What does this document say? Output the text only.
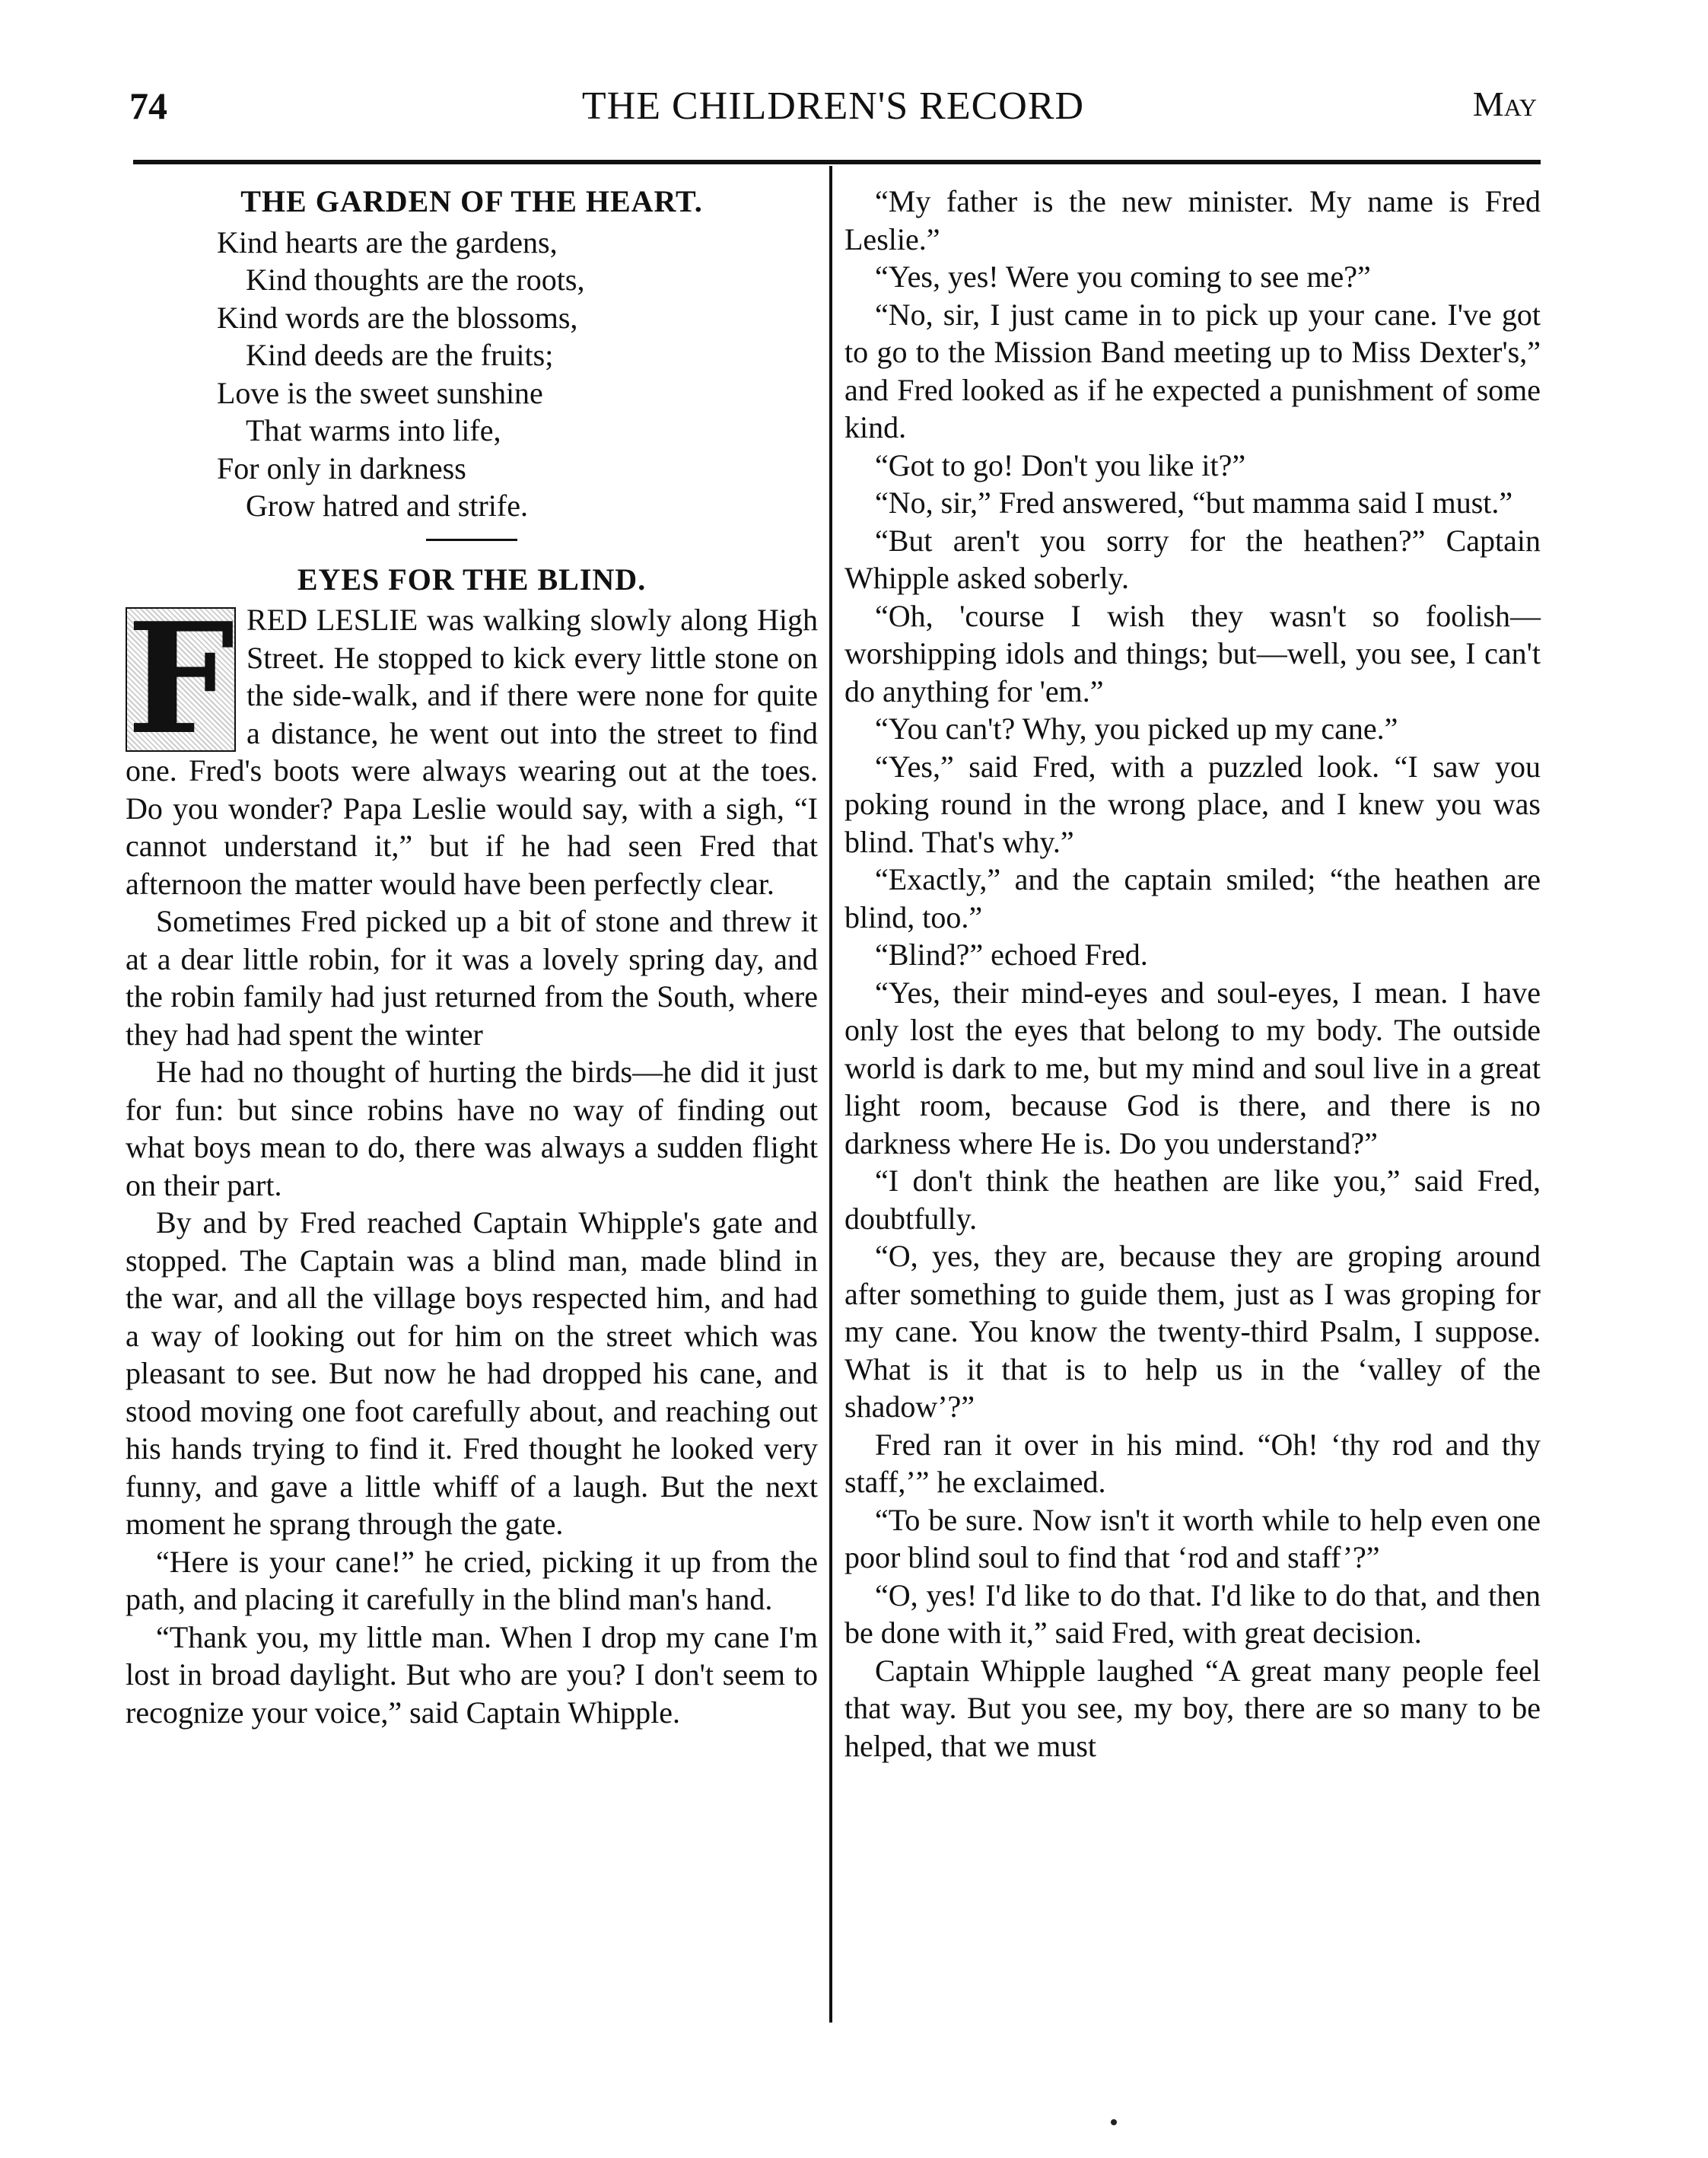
74	THE CHILDREN'S RECORD	May
THE GARDEN OF THE HEART.
Kind hearts are the gardens,
Kind thoughts are the roots,
Kind words are the blossoms,
Kind deeds are the fruits;
Love is the sweet sunshine
That warms into life,
For only in darkness
Grow hatred and strife.
EYES FOR THE BLIND.

F RED LESLIE was walking slowly along High Street. He stopped to kick every little stone on the side-walk, and if there were none for quite a distance, he went out into the street to find one. Fred's boots were always wearing out at the toes. Do you wonder? Papa Leslie would say, with a sigh, “I cannot understand it,” but if he had seen Fred that afternoon the matter would have been perfectly clear.

Sometimes Fred picked up a bit of stone and threw it at a dear little robin, for it was a lovely spring day, and the robin family had just returned from the South, where they had had spent the winter

He had no thought of hurting the birds—he did it just for fun: but since robins have no way of finding out what boys mean to do, there was always a sudden flight on their part.

By and by Fred reached Captain Whipple's gate and stopped. The Captain was a blind man, made blind in the war, and all the village boys respected him, and had a way of looking out for him on the street which was pleasant to see. But now he had dropped his cane, and stood moving one foot carefully about, and reaching out his hands trying to find it. Fred thought he looked very funny, and gave a little whiff of a laugh. But the next moment he sprang through the gate.

“Here is your cane!” he cried, picking it up from the path, and placing it carefully in the blind man's hand.

“Thank you, my little man. When I drop my cane I'm lost in broad daylight. But who are you? I don't seem to recognize your voice,” said Captain Whipple.

“My father is the new minister. My name is Fred Leslie.”

“Yes, yes! Were you coming to see me?”

“No, sir, I just came in to pick up your cane. I've got to go to the Mission Band meeting up to Miss Dexter's,” and Fred looked as if he expected a punishment of some kind.

“Got to go! Don't you like it?”

“No, sir,” Fred answered, “but mamma said I must.”

“But aren't you sorry for the heathen?” Captain Whipple asked soberly.

“Oh, 'course I wish they wasn't so foolish—worshipping idols and things; but—well, you see, I can't do anything for 'em.”

“You can't? Why, you picked up my cane.”

“Yes,” said Fred, with a puzzled look. “I saw you poking round in the wrong place, and I knew you was blind. That's why.”

“Exactly,” and the captain smiled; “the heathen are blind, too.”

“Blind?” echoed Fred.

“Yes, their mind-eyes and soul-eyes, I mean. I have only lost the eyes that belong to my body. The outside world is dark to me, but my mind and soul live in a great light room, because God is there, and there is no darkness where He is. Do you understand?”

“I don't think the heathen are like you,” said Fred, doubtfully.

“O, yes, they are, because they are groping around after something to guide them, just as I was groping for my cane. You know the twenty-third Psalm, I suppose. What is it that is to help us in the ‘valley of the shadow’?”

Fred ran it over in his mind. “Oh! ‘thy rod and thy staff,’” he exclaimed.

“To be sure. Now isn't it worth while to help even one poor blind soul to find that ‘rod and staff’?”

“O, yes! I'd like to do that. I'd like to do that, and then be done with it,” said Fred, with great decision.

Captain Whipple laughed “A great many people feel that way. But you see, my boy, there are so many to be helped, that we must
